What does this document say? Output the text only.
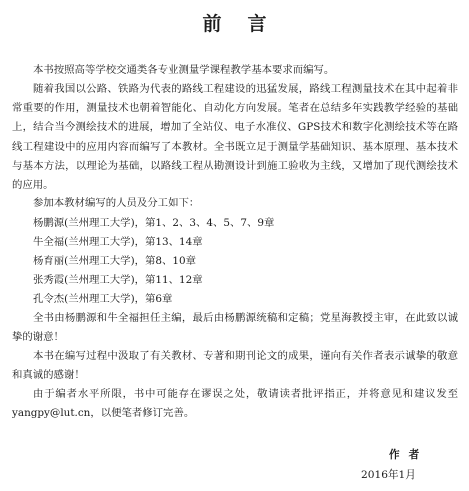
前言

本书按照高等学校交通类各专业测量学课程教学基本要求而编写。

随着我国以公路、铁路为代表的路线工程建设的迅猛发展，路线工程测量技术在其中起着非常重要的作用，测量技术也朝着智能化、自动化方向发展。笔者在总结多年实践教学经验的基础上，结合当今测绘技术的进展，增加了全站仪、电子水准仪、GPS技术和数字化测绘技术等在路线工程建设中的应用内容而编写了本教材。全书既立足于测量学基础知识、基本原理、基本技术与基本方法，以理论为基础，以路线工程从勘测设计到施工验收为主线，又增加了现代测绘技术的应用。

参加本教材编写的人员及分工如下：

杨鹏源(兰州理工大学)，第1、2、3、4、5、7、9章
牛全福(兰州理工大学)，第13、14章
杨育丽(兰州理工大学)，第8、10章
张秀霞(兰州理工大学)，第11、12章
孔令杰(兰州理工大学)，第6章

全书由杨鹏源和牛全福担任主编，最后由杨鹏源统稿和定稿；党星海教授主审，在此致以诚挚的谢意！

本书在编写过程中汲取了有关教材、专著和期刊论文的成果，谨向有关作者表示诚挚的敬意和真诚的感谢！

由于编者水平所限，书中可能存在谬误之处，敬请读者批评指正，并将意见和建议发至yangpy@lut.cn，以便笔者修订完善。

作者
2016年1月
